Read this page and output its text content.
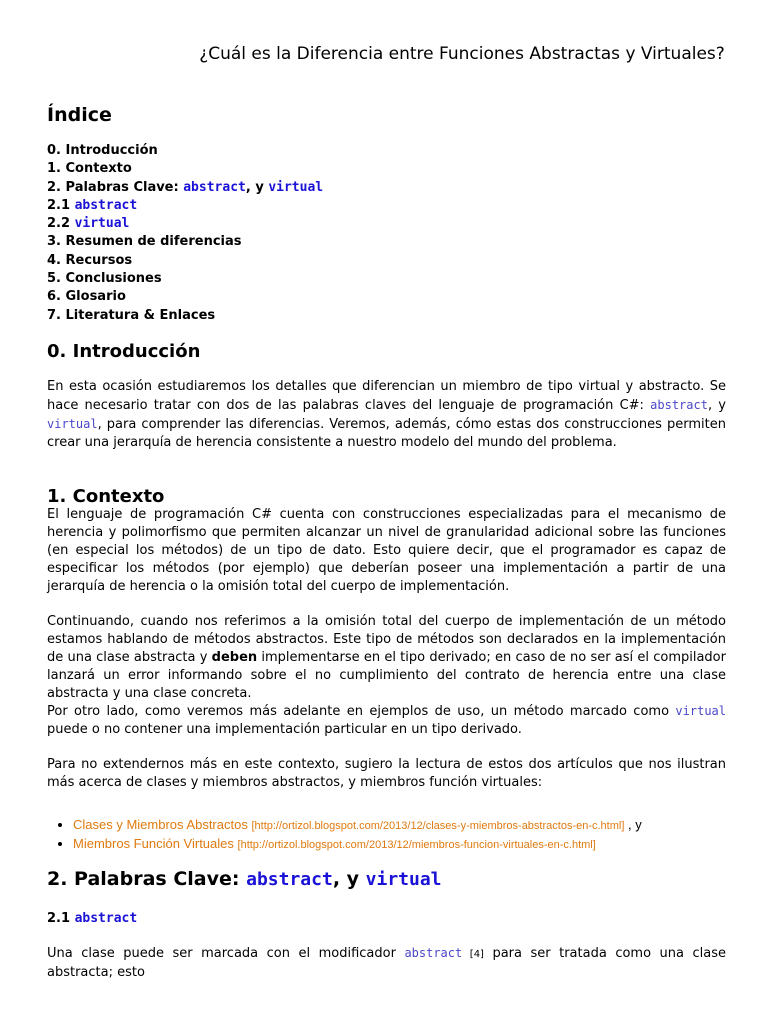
¿Cuál es la Diferencia entre Funciones Abstractas y Virtuales?
Índice
0. Introducción
1. Contexto
2. Palabras Clave: abstract, y virtual
2.1 abstract
2.2 virtual
3. Resumen de diferencias
4. Recursos
5. Conclusiones
6. Glosario
7. Literatura & Enlaces
0. Introducción

En esta ocasión estudiaremos los detalles que diferencian un miembro de tipo virtual y abstracto. Se hace necesario tratar con dos de las palabras claves del lenguaje de programación C#: abstract, y virtual, para comprender las diferencias. Veremos, además, cómo estas dos construcciones permiten crear una jerarquía de herencia consistente a nuestro modelo del mundo del problema.

1. Contexto

El lenguaje de programación C# cuenta con construcciones especializadas para el mecanismo de herencia y polimorfismo que permiten alcanzar un nivel de granularidad adicional sobre las funciones (en especial los métodos) de un tipo de dato. Esto quiere decir, que el programador es capaz de especificar los métodos (por ejemplo) que deberían poseer una implementación a partir de una jerarquía de herencia o la omisión total del cuerpo de implementación.

Continuando, cuando nos referimos a la omisión total del cuerpo de implementación de un método estamos hablando de métodos abstractos. Este tipo de métodos son declarados en la implementación de una clase abstracta y deben implementarse en el tipo derivado; en caso de no ser así el compilador lanzará un error informando sobre el no cumplimiento del contrato de herencia entre una clase abstracta y una clase concreta.

Por otro lado, como veremos más adelante en ejemplos de uso, un método marcado como virtual puede o no contener una implementación particular en un tipo derivado.

Para no extendernos más en este contexto, sugiero la lectura de estos dos artículos que nos ilustran más acerca de clases y miembros abstractos, y miembros función virtuales:

• Clases y Miembros Abstractos [http://ortizol.blogspot.com/2013/12/clases-y-miembros-abstractos-en-c.html] , y
• Miembros Función Virtuales [http://ortizol.blogspot.com/2013/12/miembros-funcion-virtuales-en-c.html]
2. Palabras Clave: abstract, y virtual
2.1 abstract

Una clase puede ser marcada con el modificador abstract [4] para ser tratada como una clase abstracta; esto
